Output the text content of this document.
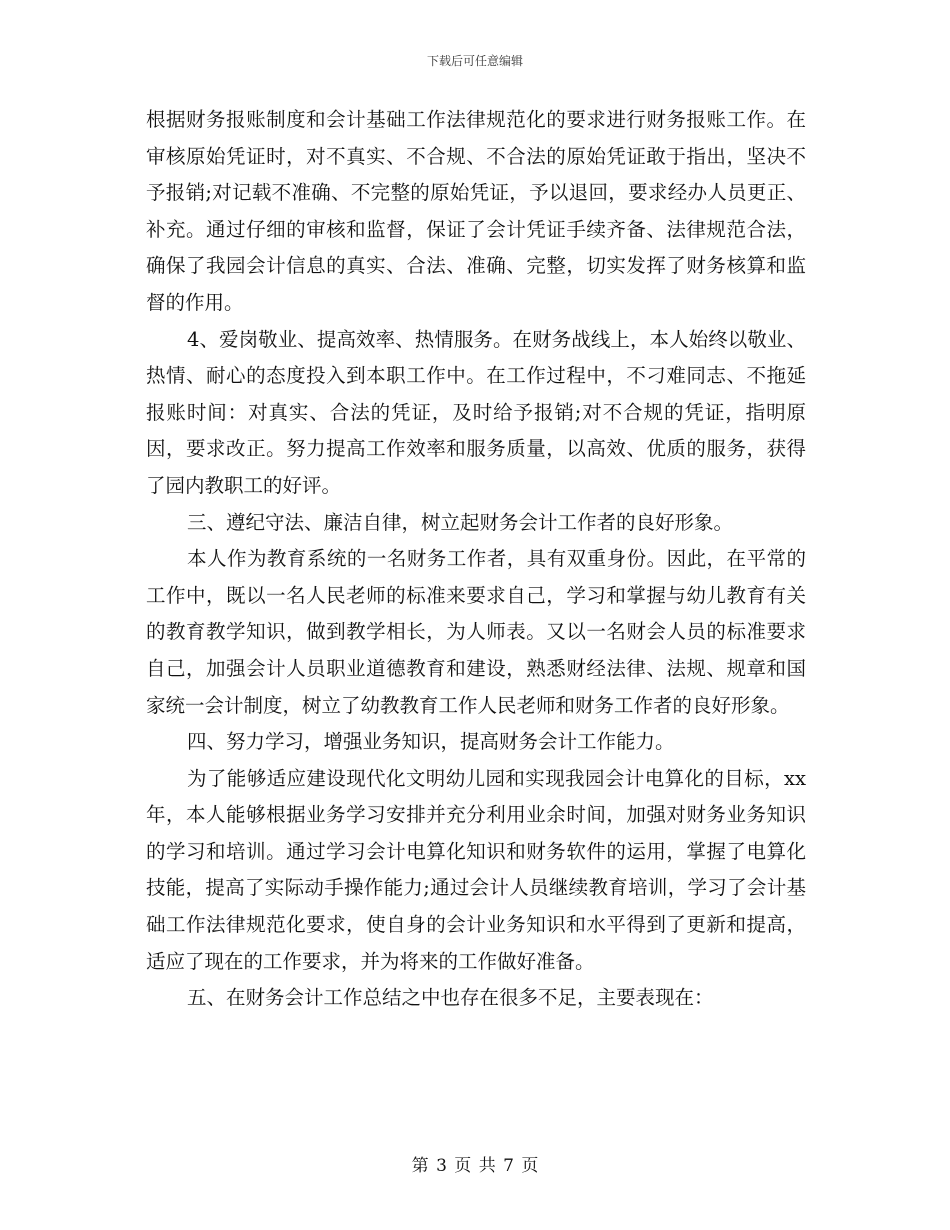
下载后可任意编辑

根据财务报账制度和会计基础工作法律规范化的要求进行财务报账工作。在审核原始凭证时，对不真实、不合规、不合法的原始凭证敢于指出，坚决不予报销;对记载不准确、不完整的原始凭证，予以退回，要求经办人员更正、补充。通过仔细的审核和监督，保证了会计凭证手续齐备、法律规范合法，确保了我园会计信息的真实、合法、准确、完整，切实发挥了财务核算和监督的作用。

4、爱岗敬业、提高效率、热情服务。在财务战线上，本人始终以敬业、热情、耐心的态度投入到本职工作中。在工作过程中，不刁难同志、不拖延报账时间：对真实、合法的凭证，及时给予报销;对不合规的凭证，指明原因，要求改正。努力提高工作效率和服务质量，以高效、优质的服务，获得了园内教职工的好评。

三、遵纪守法、廉洁自律，树立起财务会计工作者的良好形象。

本人作为教育系统的一名财务工作者，具有双重身份。因此，在平常的工作中，既以一名人民老师的标准来要求自己，学习和掌握与幼儿教育有关的教育教学知识，做到教学相长，为人师表。又以一名财会人员的标准要求自己，加强会计人员职业道德教育和建设，熟悉财经法律、法规、规章和国家统一会计制度，树立了幼教教育工作人民老师和财务工作者的良好形象。

四、努力学习，增强业务知识，提高财务会计工作能力。

为了能够适应建设现代化文明幼儿园和实现我园会计电算化的目标，xx年，本人能够根据业务学习安排并充分利用业余时间，加强对财务业务知识的学习和培训。通过学习会计电算化知识和财务软件的运用，掌握了电算化技能，提高了实际动手操作能力;通过会计人员继续教育培训，学习了会计基础工作法律规范化要求，使自身的会计业务知识和水平得到了更新和提高，适应了现在的工作要求，并为将来的工作做好准备。

五、在财务会计工作总结之中也存在很多不足，主要表现在：

第 3 页 共 7 页
